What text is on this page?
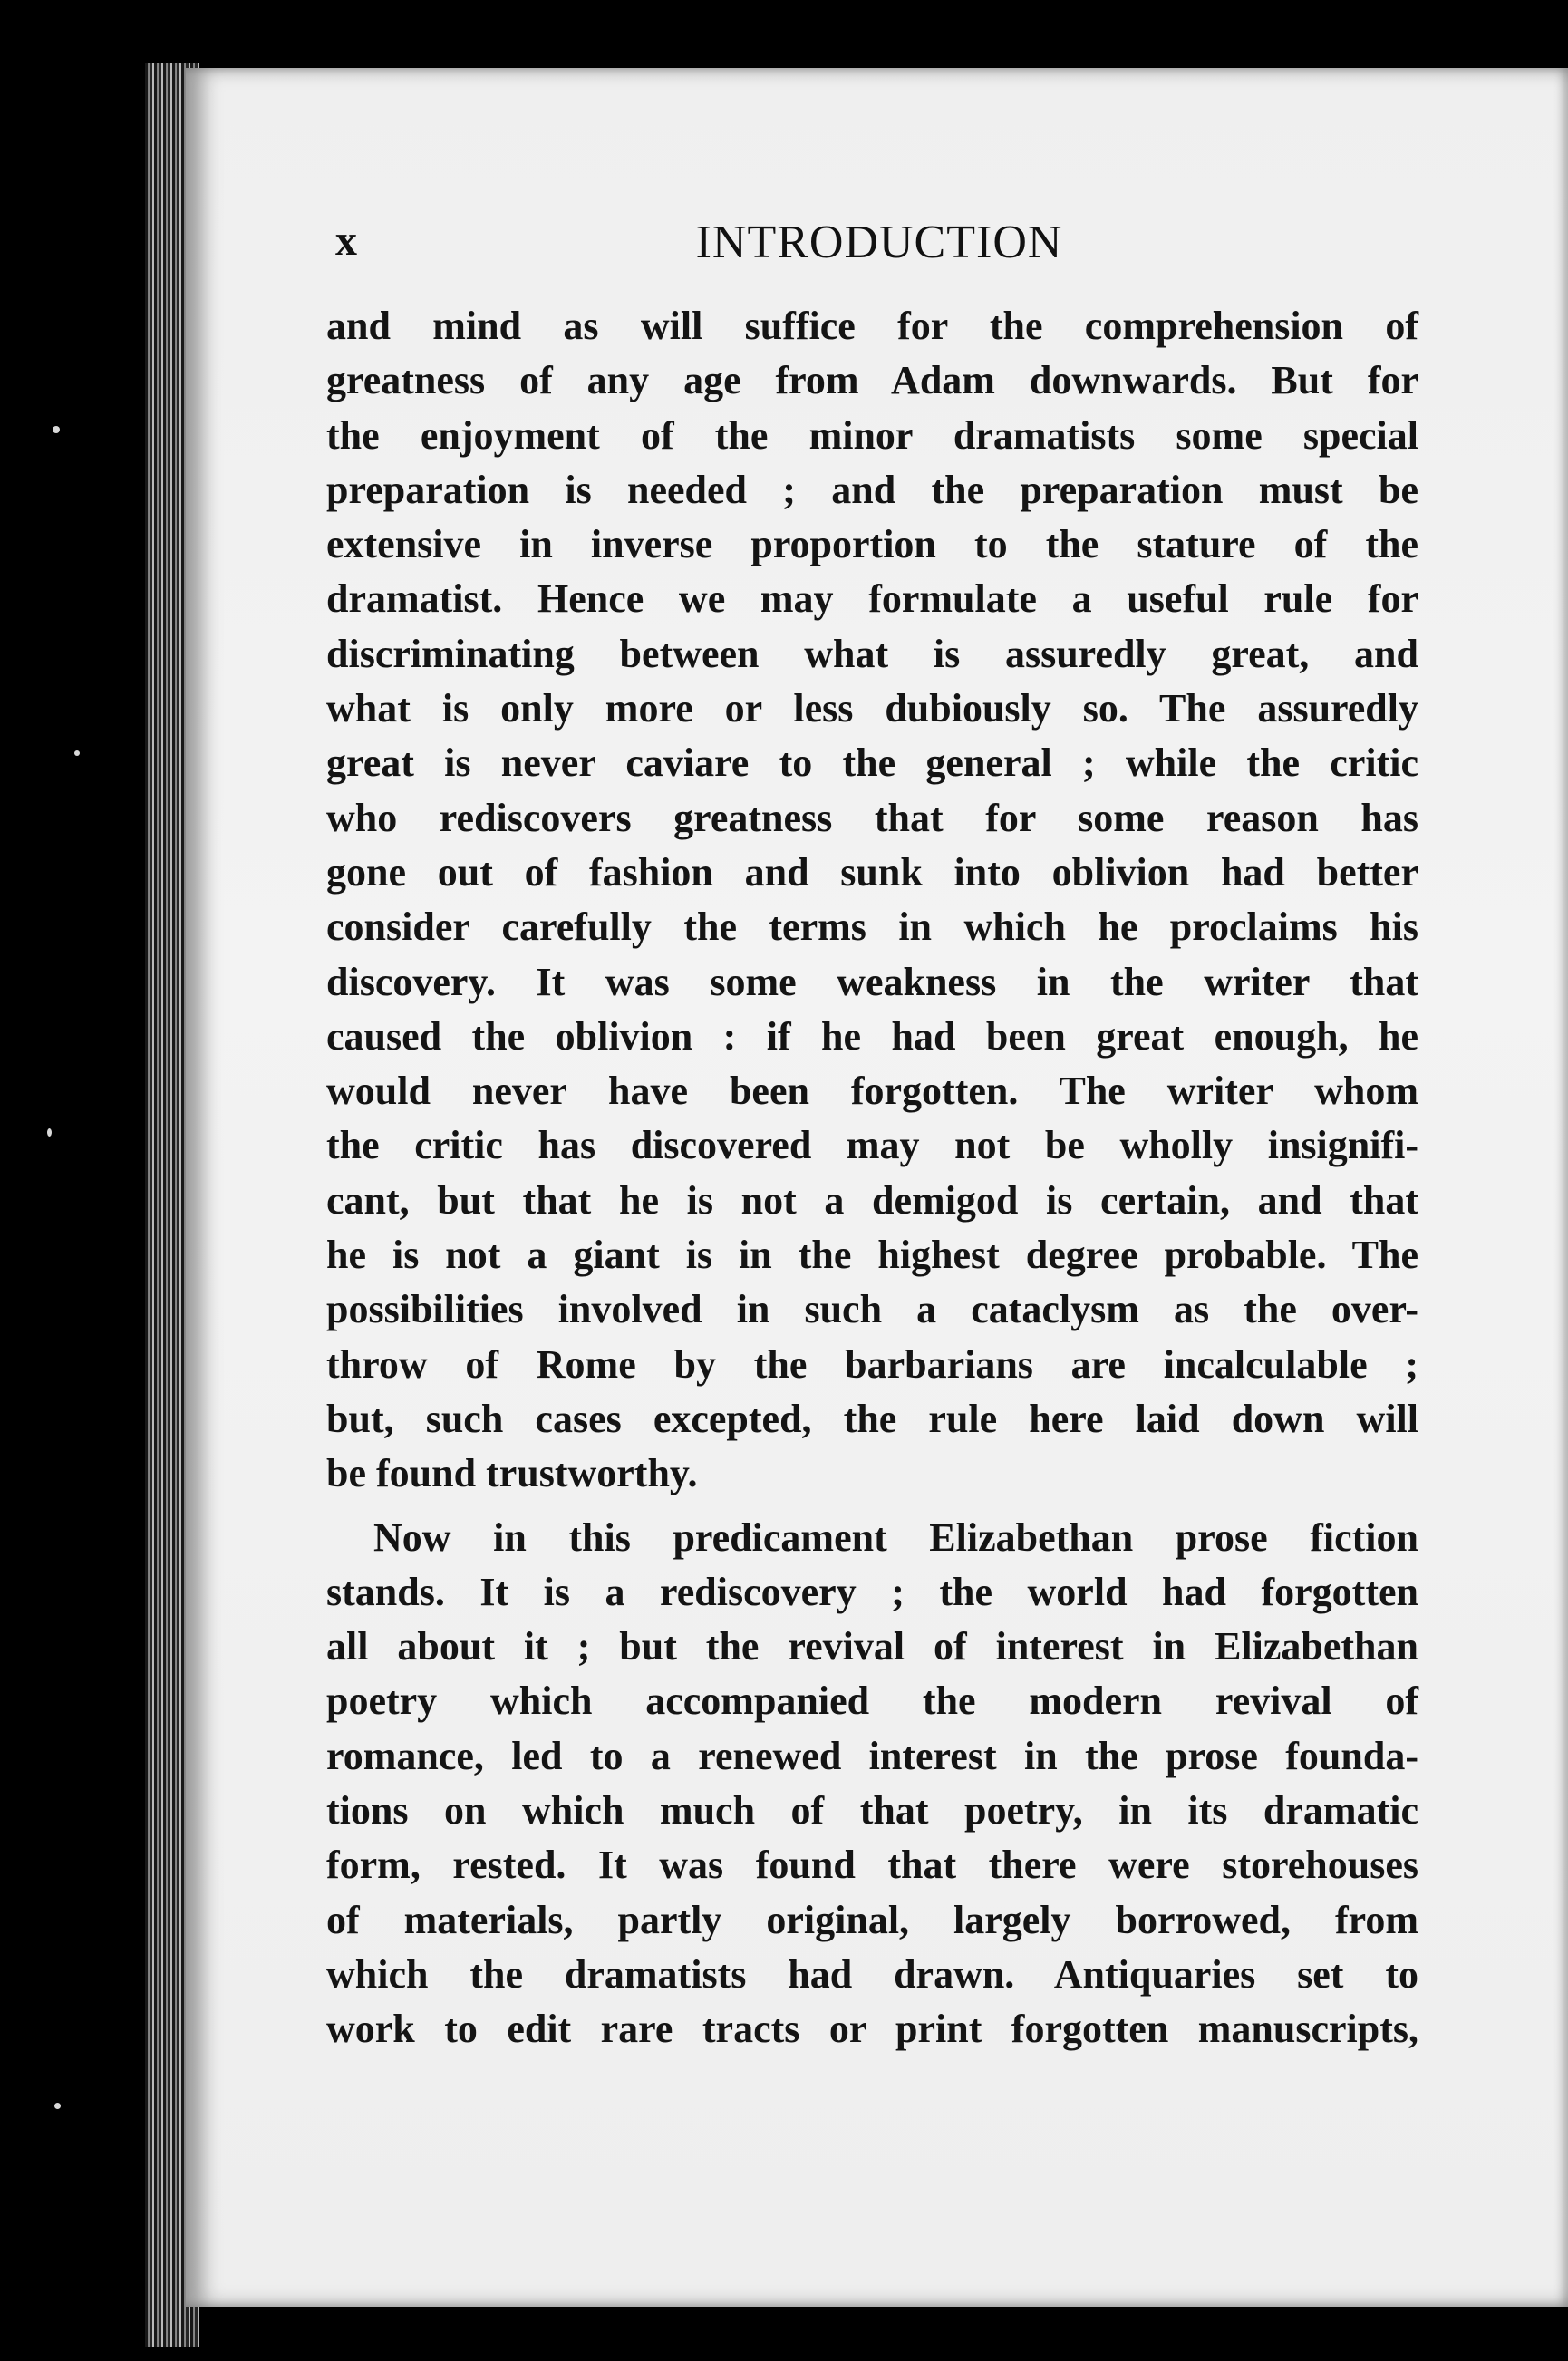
x	INTRODUCTION
and mind as will suffice for the comprehension of
greatness of any age from Adam downwards. But for
the enjoyment of the minor dramatists some special
preparation is needed ; and the preparation must be
extensive in inverse proportion to the stature of the
dramatist. Hence we may formulate a useful rule for
discriminating between what is assuredly great, and
what is only more or less dubiously so. The assuredly
great is never caviare to the general ; while the critic
who rediscovers greatness that for some reason has
gone out of fashion and sunk into oblivion had better
consider carefully the terms in which he proclaims his
discovery. It was some weakness in the writer that
caused the oblivion : if he had been great enough, he
would never have been forgotten. The writer whom
the critic has discovered may not be wholly insignifi-
cant, but that he is not a demigod is certain, and that
he is not a giant is in the highest degree probable. The
possibilities involved in such a cataclysm as the over-
throw of Rome by the barbarians are incalculable ;
but, such cases excepted, the rule here laid down will
be found trustworthy.
Now in this predicament Elizabethan prose fiction
stands. It is a rediscovery ; the world had forgotten
all about it ; but the revival of interest in Elizabethan
poetry which accompanied the modern revival of
romance, led to a renewed interest in the prose founda-
tions on which much of that poetry, in its dramatic
form, rested. It was found that there were storehouses
of materials, partly original, largely borrowed, from
which the dramatists had drawn. Antiquaries set to
work to edit rare tracts or print forgotten manuscripts,
